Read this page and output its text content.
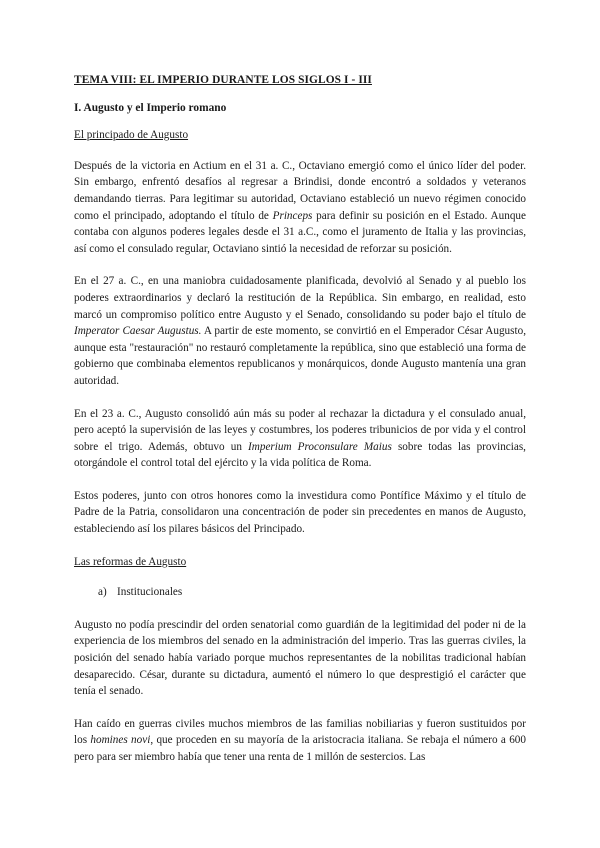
TEMA VIII: EL IMPERIO DURANTE LOS SIGLOS I - III
I. Augusto y el Imperio romano
El principado de Augusto

Después de la victoria en Actium en el 31 a. C., Octaviano emergió como el único líder del poder. Sin embargo, enfrentó desafíos al regresar a Brindisi, donde encontró a soldados y veteranos demandando tierras. Para legitimar su autoridad, Octaviano estableció un nuevo régimen conocido como el principado, adoptando el título de Princeps para definir su posición en el Estado. Aunque contaba con algunos poderes legales desde el 31 a.C., como el juramento de Italia y las provincias, así como el consulado regular, Octaviano sintió la necesidad de reforzar su posición.

En el 27 a. C., en una maniobra cuidadosamente planificada, devolvió al Senado y al pueblo los poderes extraordinarios y declaró la restitución de la República. Sin embargo, en realidad, esto marcó un compromiso político entre Augusto y el Senado, consolidando su poder bajo el título de Imperator Caesar Augustus. A partir de este momento, se convirtió en el Emperador César Augusto, aunque esta "restauración" no restauró completamente la república, sino que estableció una forma de gobierno que combinaba elementos republicanos y monárquicos, donde Augusto mantenía una gran autoridad.

En el 23 a. C., Augusto consolidó aún más su poder al rechazar la dictadura y el consulado anual, pero aceptó la supervisión de las leyes y costumbres, los poderes tribunicios de por vida y el control sobre el trigo. Además, obtuvo un Imperium Proconsulare Maius sobre todas las provincias, otorgándole el control total del ejército y la vida política de Roma.

Estos poderes, junto con otros honores como la investidura como Pontífice Máximo y el título de Padre de la Patria, consolidaron una concentración de poder sin precedentes en manos de Augusto, estableciendo así los pilares básicos del Principado.

Las reformas de Augusto
a) Institucionales

Augusto no podía prescindir del orden senatorial como guardián de la legitimidad del poder ni de la experiencia de los miembros del senado en la administración del imperio. Tras las guerras civiles, la posición del senado había variado porque muchos representantes de la nobilitas tradicional habían desaparecido. César, durante su dictadura, aumentó el número lo que desprestigió el carácter que tenía el senado.

Han caído en guerras civiles muchos miembros de las familias nobiliarias y fueron sustituidos por los homines novi, que proceden en su mayoría de la aristocracia italiana. Se rebaja el número a 600 pero para ser miembro había que tener una renta de 1 millón de sestercios. Las
